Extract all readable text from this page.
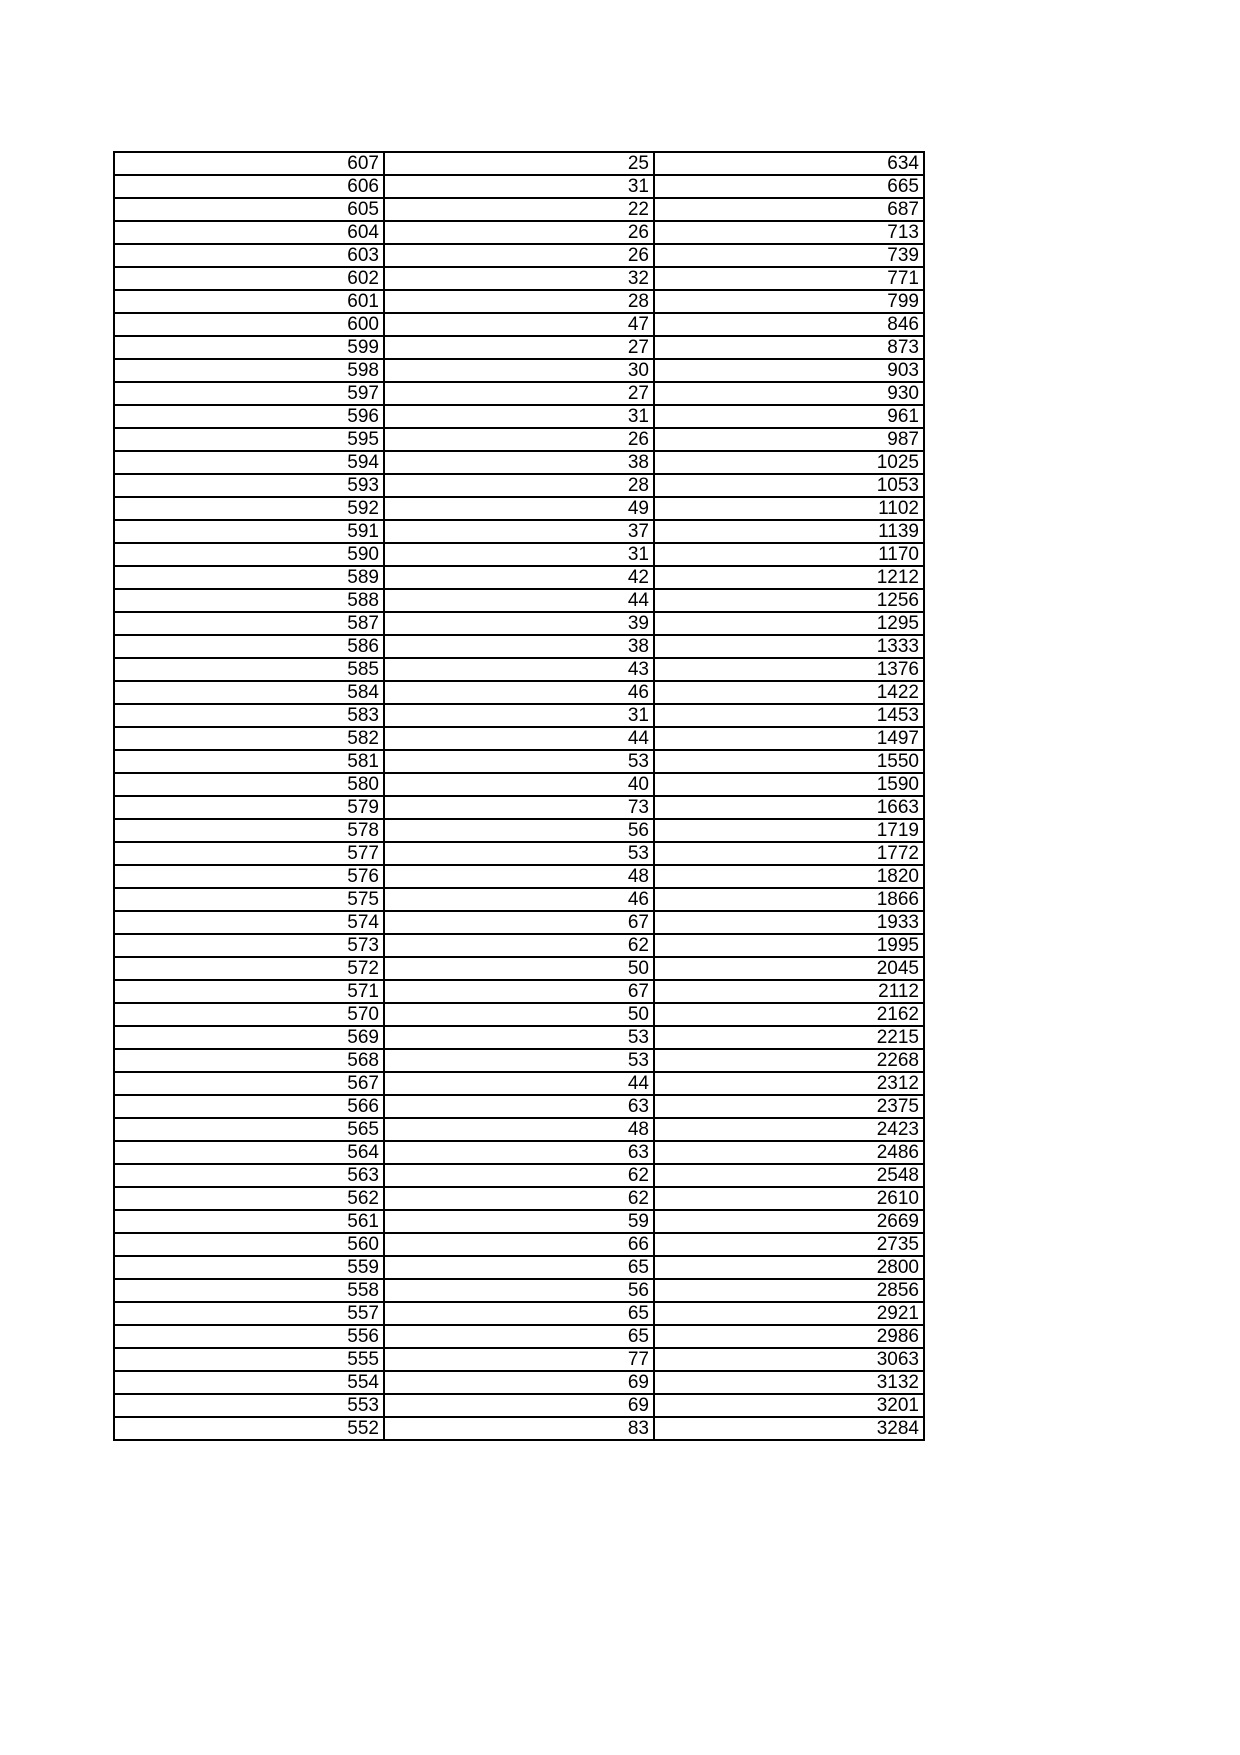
607	25	634
606	31	665
605	22	687
604	26	713
603	26	739
602	32	771
601	28	799
600	47	846
599	27	873
598	30	903
597	27	930
596	31	961
595	26	987
594	38	1025
593	28	1053
592	49	1102
591	37	1139
590	31	1170
589	42	1212
588	44	1256
587	39	1295
586	38	1333
585	43	1376
584	46	1422
583	31	1453
582	44	1497
581	53	1550
580	40	1590
579	73	1663
578	56	1719
577	53	1772
576	48	1820
575	46	1866
574	67	1933
573	62	1995
572	50	2045
571	67	2112
570	50	2162
569	53	2215
568	53	2268
567	44	2312
566	63	2375
565	48	2423
564	63	2486
563	62	2548
562	62	2610
561	59	2669
560	66	2735
559	65	2800
558	56	2856
557	65	2921
556	65	2986
555	77	3063
554	69	3132
553	69	3201
552	83	3284
